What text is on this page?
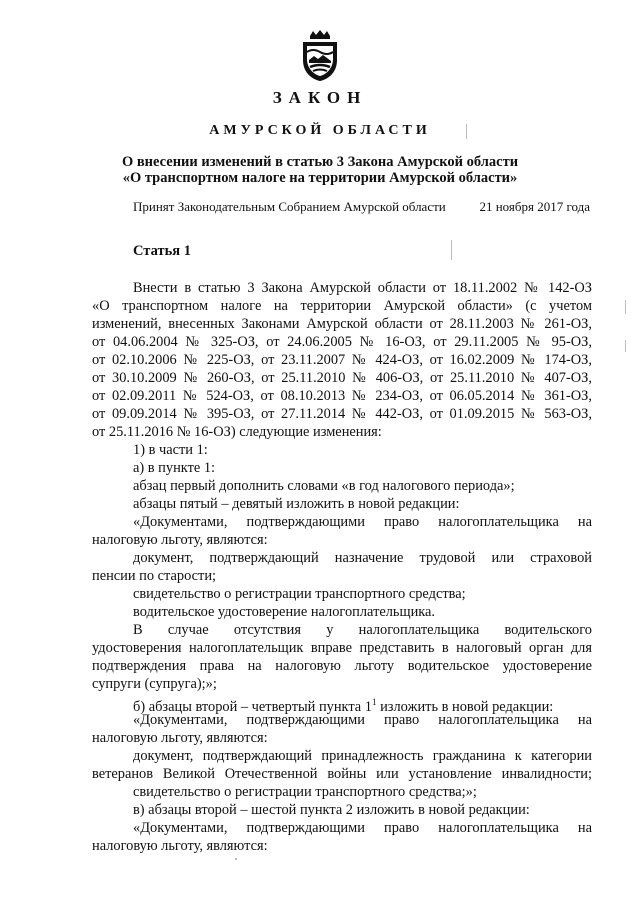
ЗАКОН
АМУРСКОЙ ОБЛАСТИ
О внесении изменений в статью 3 Закона Амурской области
«О транспортном налоге на территории Амурской области»
Принят Законодательным Собранием Амурской области	21 ноября 2017 года
Статья 1
Внести в статью 3 Закона Амурской области от 18.11.2002 № 142-ОЗ
«О транспортном налоге на территории Амурской области» (с учетом
изменений, внесенных Законами Амурской области от 28.11.2003 № 261-ОЗ,
от 04.06.2004 № 325-ОЗ, от 24.06.2005 № 16-ОЗ, от 29.11.2005 № 95-ОЗ,
от 02.10.2006 № 225-ОЗ, от 23.11.2007 № 424-ОЗ, от 16.02.2009 № 174-ОЗ,
от 30.10.2009 № 260-ОЗ, от 25.11.2010 № 406-ОЗ, от 25.11.2010 № 407-ОЗ,
от 02.09.2011 № 524-ОЗ, от 08.10.2013 № 234-ОЗ, от 06.05.2014 № 361-ОЗ,
от 09.09.2014 № 395-ОЗ, от 27.11.2014 № 442-ОЗ, от 01.09.2015 № 563-ОЗ,
от 25.11.2016 № 16-ОЗ) следующие изменения:
1) в части 1:
а) в пункте 1:
абзац первый дополнить словами «в год налогового периода»;
абзацы пятый – девятый изложить в новой редакции:
«Документами, подтверждающими право налогоплательщика на
налоговую льготу, являются:
документ, подтверждающий назначение трудовой или страховой
пенсии по старости;
свидетельство о регистрации транспортного средства;
водительское удостоверение налогоплательщика.
В случае отсутствия у налогоплательщика водительского
удостоверения налогоплательщик вправе представить в налоговый орган для
подтверждения права на налоговую льготу водительское удостоверение
супруги (супруга);»;
б) абзацы второй – четвертый пункта $1^1$ изложить в новой редакции:
«Документами, подтверждающими право налогоплательщика на
налоговую льготу, являются:
документ, подтверждающий принадлежность гражданина к категории
ветеранов Великой Отечественной войны или установление инвалидности;
свидетельство о регистрации транспортного средства;»;
в) абзацы второй – шестой пункта 2 изложить в новой редакции:
«Документами, подтверждающими право налогоплательщика на
налоговую льготу, являются:
